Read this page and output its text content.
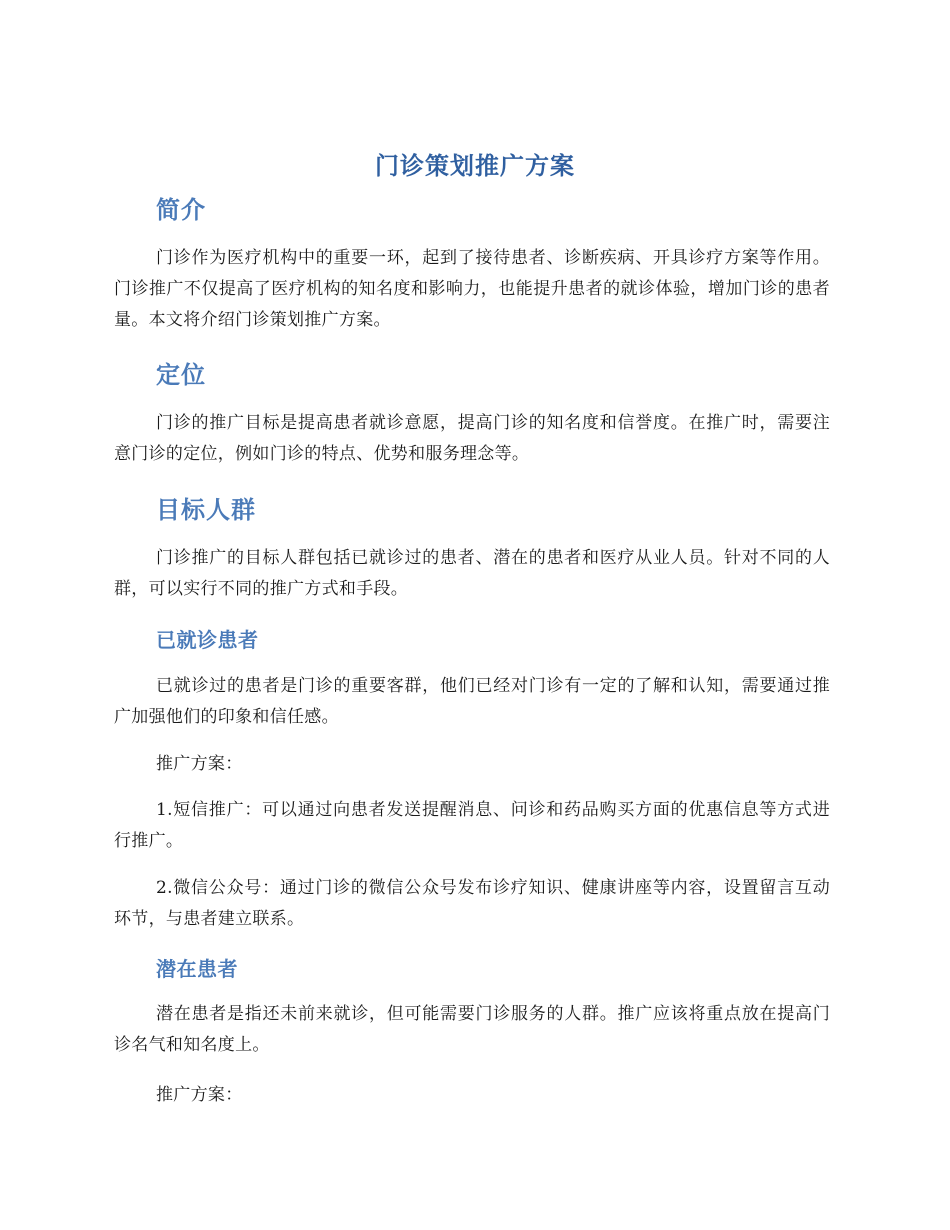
门诊策划推广方案
简介
门诊作为医疗机构中的重要一环，起到了接待患者、诊断疾病、开具诊疗方案等作用。门诊推广不仅提高了医疗机构的知名度和影响力，也能提升患者的就诊体验，增加门诊的患者量。本文将介绍门诊策划推广方案。
定位
门诊的推广目标是提高患者就诊意愿，提高门诊的知名度和信誉度。在推广时，需要注意门诊的定位，例如门诊的特点、优势和服务理念等。
目标人群
门诊推广的目标人群包括已就诊过的患者、潜在的患者和医疗从业人员。针对不同的人群，可以实行不同的推广方式和手段。
已就诊患者
已就诊过的患者是门诊的重要客群，他们已经对门诊有一定的了解和认知，需要通过推广加强他们的印象和信任感。
推广方案：
1.短信推广：可以通过向患者发送提醒消息、问诊和药品购买方面的优惠信息等方式进行推广。
2.微信公众号：通过门诊的微信公众号发布诊疗知识、健康讲座等内容，设置留言互动环节，与患者建立联系。
潜在患者
潜在患者是指还未前来就诊，但可能需要门诊服务的人群。推广应该将重点放在提高门诊名气和知名度上。
推广方案：
